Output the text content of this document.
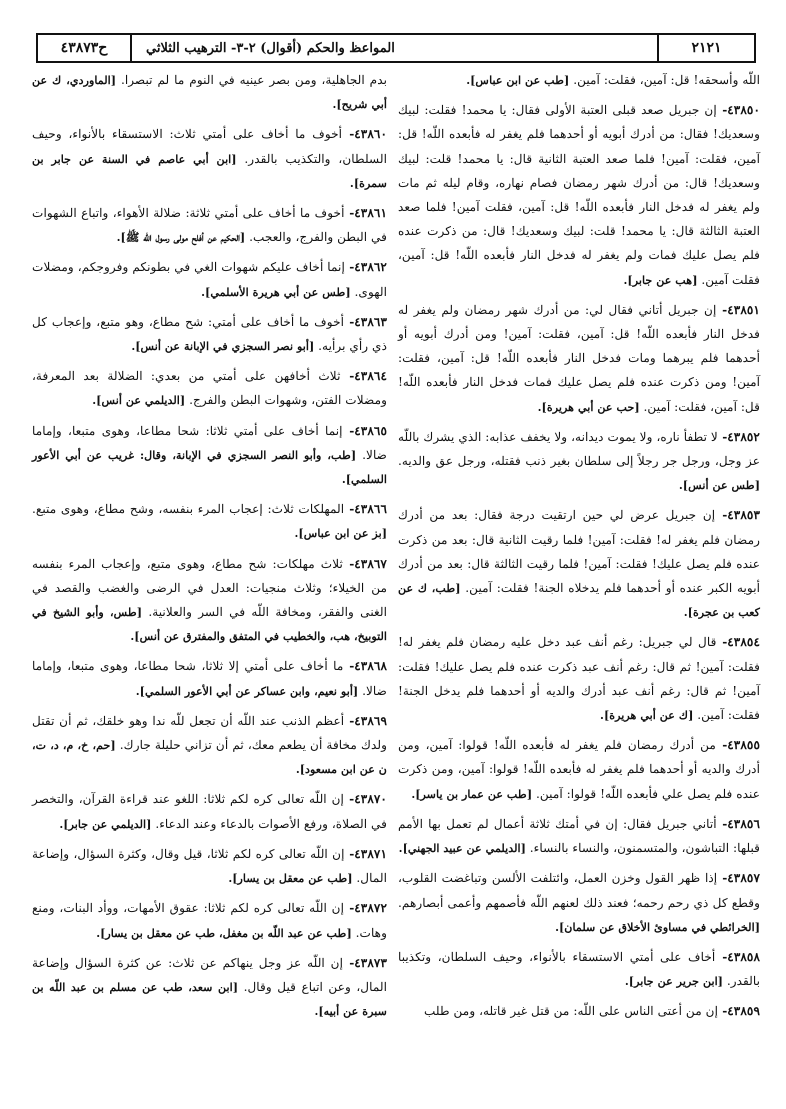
٢١٢١
المواعظ والحكم (أقوال) ٢-٣- الترهيب الثلاثي
ح٤٣٨٧٣

اللّه وأسحقه! قل: آمين، فقلت: آمين. [طب عن ابن عباس].

٤٣٨٥٠- إن جبريل صعد قبلى العتبة الأولى فقال: يا محمد! فقلت: لبيك وسعديك! فقال: من أدرك أبويه أو أحدهما فلم يغفر له فأبعده اللّه! قل: آمين، فقلت: آمين! فلما صعد العتبة الثانية قال: يا محمد! قلت: لبيك وسعديك! قال: من أدرك شهر رمضان فصام نهاره، وقام ليله ثم مات ولم يغفر له فدخل النار فأبعده اللّه! قل: آمين، فقلت آمين! فلما صعد العتبة الثالثة قال: يا محمد! قلت: لبيك وسعديك! قال: من ذكرت عنده فلم يصل عليك فمات ولم يغفر له فدخل النار فأبعده اللّه! قل: آمين، فقلت آمين. [هب عن جابر].

٤٣٨٥١- إن جبريل أتاني فقال لي: من أدرك شهر رمضان ولم يغفر له فدخل النار فأبعده اللّه! قل: آمين، فقلت: آمين! ومن أدرك أبويه أو أحدهما فلم يبرهما ومات فدخل النار فأبعده اللّه! قل: آمين، فقلت: آمين! ومن ذكرت عنده فلم يصل عليك فمات فدخل النار فأبعده اللّه! قل: آمين، فقلت: آمين. [حب عن أبي هريرة].

٤٣٨٥٢- لا تطفأ ناره، ولا يموت ديدانه، ولا يخفف عذابه: الذي يشرك باللّه عز وجل، ورجل جر رجلاً إلى سلطان بغير ذنب فقتله، ورجل عق والديه. [طس عن أنس].

٤٣٨٥٣- إن جبريل عرض لي حين ارتقيت درجة فقال: بعد من أدرك رمضان فلم يغفر له! فقلت: آمين! فلما رقيت الثانية قال: بعد من ذكرت عنده فلم يصل عليك! فقلت: آمين! فلما رقيت الثالثة قال: بعد من أدرك أبويه الكبر عنده أو أحدهما فلم يدخلاه الجنة! فقلت: آمين. [طب، ك عن كعب بن عجرة].

٤٣٨٥٤- قال لي جبريل: رغم أنف عبد دخل عليه رمضان فلم يغفر له! فقلت: آمين! ثم قال: رغم أنف عبد ذكرت عنده فلم يصل عليك! فقلت: آمين! ثم قال: رغم أنف عبد أدرك والديه أو أحدهما فلم يدخل الجنة! فقلت: آمين. [ك عن أبي هريرة].

٤٣٨٥٥- من أدرك رمضان فلم يغفر له فأبعده اللّه! قولوا: آمين، ومن أدرك والديه أو أحدهما فلم يغفر له فأبعده اللّه! قولوا: آمين، ومن ذكرت عنده فلم يصل علي فأبعده اللّه! قولوا: آمين. [طب عن عمار بن ياسر].

٤٣٨٥٦- أتاني جبريل فقال: إن في أمتك ثلاثة أعمال لم تعمل بها الأمم قبلها: التباشون، والمتسمنون، والنساء بالنساء. [الديلمي عن عبيد الجهني].

٤٣٨٥٧- إذا ظهر القول وخزن العمل، وائتلفت الألسن وتباغضت القلوب، وقطع كل ذي رحم رحمه؛ فعند ذلك لعنهم اللّه فأصمهم وأعمى أبصارهم. [الخرائطي في مساوئ الأخلاق عن سلمان].

٤٣٨٥٨- أخاف على أمتي الاستسقاء بالأنواء، وحيف السلطان، وتكذيبا بالقدر. [ابن جرير عن جابر].

٤٣٨٥٩- إن من أعتى الناس على اللّه: من قتل غير قاتله، ومن طلب

بدم الجاهلية، ومن بصر عينيه في النوم ما لم تبصرا. [الماوردي، ك عن أبي شريح].

٤٣٨٦٠- أخوف ما أخاف على أمتي ثلاث: الاستسقاء بالأنواء، وحيف السلطان، والتكذيب بالقدر. [ابن أبي عاصم في السنة عن جابر بن سمرة].

٤٣٨٦١- أخوف ما أخاف على أمتي ثلاثة: ضلالة الأهواء، واتباع الشهوات في البطن والفرج، والعجب. [الحكيم عن أفلح مولى رسول اللّه ﷺ].

٤٣٨٦٢- إنما أخاف عليكم شهوات الغي في بطونكم وفروجكم، ومضلات الهوى. [طس عن أبي هريرة الأسلمي].

٤٣٨٦٣- أخوف ما أخاف على أمتي: شح مطاع، وهو متبع، وإعجاب كل ذي رأي برأيه. [أبو نصر السجزي في الإبانة عن أنس].

٤٣٨٦٤- ثلاث أخافهن على أمتي من بعدي: الضلالة بعد المعرفة، ومضلات الفتن، وشهوات البطن والفرج. [الديلمي عن أنس].

٤٣٨٦٥- إنما أخاف على أمتي ثلاثا: شحا مطاعا، وهوى متبعا، وإماما ضالا. [طب، وأبو النصر السجزي في الإبانة، وقال: غريب عن أبي الأعور السلمي].

٤٣٨٦٦- المهلكات ثلاث: إعجاب المرء بنفسه، وشح مطاع، وهوى متبع. [بز عن ابن عباس].

٤٣٨٦٧- ثلاث مهلكات: شح مطاع، وهوى متبع، وإعجاب المرء بنفسه من الخيلاء؛ وثلاث منجيات: العدل في الرضى والغضب والقصد في الغنى والفقر، ومخافة اللّه في السر والعلانية. [طس، وأبو الشيخ في التوبيخ، هب، والخطيب في المتفق والمفترق عن أنس].

٤٣٨٦٨- ما أخاف على أمتي إلا ثلاثا، شحا مطاعا، وهوى متبعا، وإماما ضالا. [أبو نعيم، وابن عساكر عن أبي الأعور السلمي].

٤٣٨٦٩- أعظم الذنب عند اللّه أن تجعل للّه ندا وهو خلقك، ثم أن تقتل ولدك مخافة أن يطعم معك، ثم أن تزاني حليلة جارك. [حم، خ، م، د، ت، ن عن ابن مسعود].

٤٣٨٧٠- إن اللّه تعالى كره لكم ثلاثا: اللغو عند قراءة القرآن، والتخصر في الصلاة، ورفع الأصوات بالدعاء وعند الدعاء. [الديلمي عن جابر].

٤٣٨٧١- إن اللّه تعالى كره لكم ثلاثا، قيل وقال، وكثرة السؤال، وإضاعة المال. [طب عن معقل بن يسار].

٤٣٨٧٢- إن اللّه تعالى كره لكم ثلاثا: عقوق الأمهات، ووأد البنات، ومنع وهات. [طب عن عبد اللّه بن مغفل، طب عن معقل بن يسار].

٤٣٨٧٣- إن اللّه عز وجل ينهاكم عن ثلاث: عن كثرة السؤال وإضاعة المال، وعن اتباع قيل وقال. [ابن سعد، طب عن مسلم بن عبد اللّه بن سبرة عن أبيه].
